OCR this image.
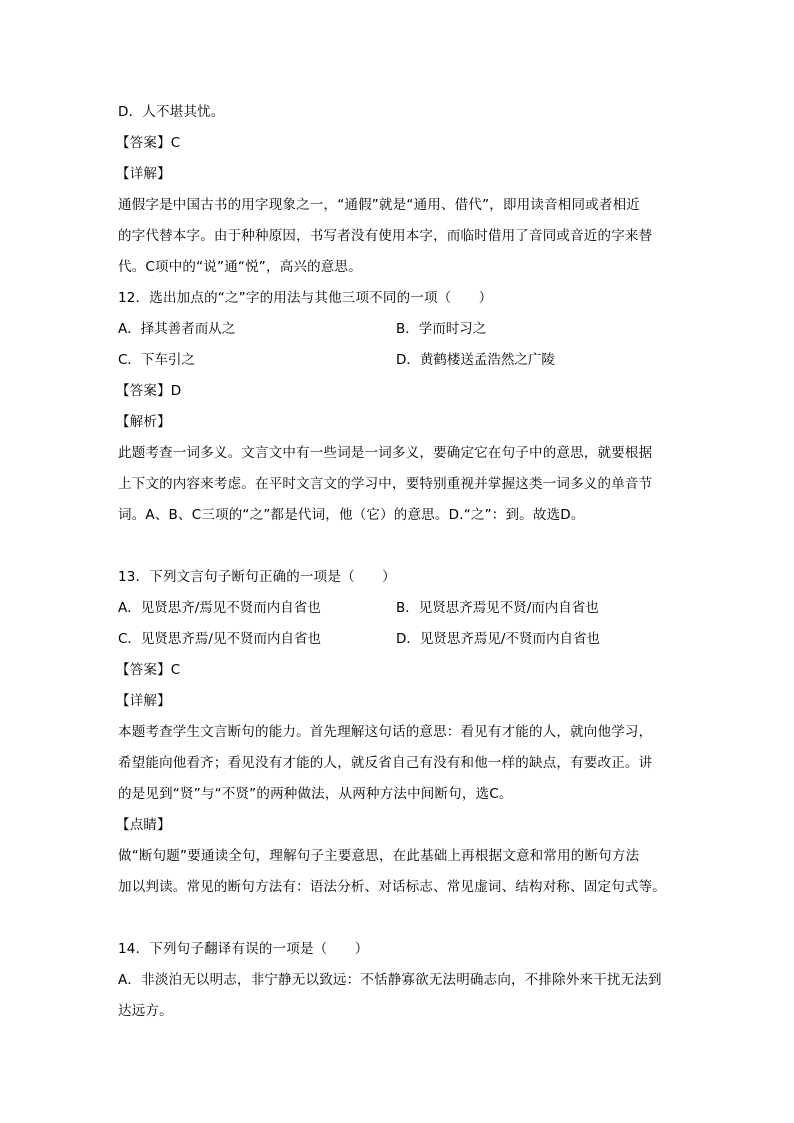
D．人不堪其忧。
【答案】C
【详解】
通假字是中国古书的用字现象之一，“通假”就是“通用、借代”，即用读音相同或者相近
的字代替本字。由于种种原因，书写者没有使用本字，而临时借用了音同或音近的字来替
代。C项中的“说”通“悦”，高兴的意思。
12．选出加点的“之”字的用法与其他三项不同的一项（　　）
A．择其善者而从之	B．学而时习之
C．下车引之	D．黄鹤楼送孟浩然之广陵
【答案】D
【解析】
此题考查一词多义。文言文中有一些词是一词多义，要确定它在句子中的意思，就要根据
上下文的内容来考虑。在平时文言文的学习中，要特别重视并掌握这类一词多义的单音节
词。A、B、C三项的“之”都是代词，他（它）的意思。D.“之”：到。故选D。
13．下列文言句子断句正确的一项是（　　）
A．见贤思齐/焉见不贤而内自省也	B．见贤思齐焉见不贤/而内自省也
C．见贤思齐焉/见不贤而内自省也	D．见贤思齐焉见/不贤而内自省也
【答案】C
【详解】
本题考查学生文言断句的能力。首先理解这句话的意思：看见有才能的人，就向他学习，
希望能向他看齐；看见没有才能的人，就反省自己有没有和他一样的缺点，有要改正。讲
的是见到“贤”与“不贤”的两种做法，从两种方法中间断句，选C。
【点睛】
做“断句题”要通读全句，理解句子主要意思，在此基础上再根据文意和常用的断句方法
加以判读。常见的断句方法有：语法分析、对话标志、常见虚词、结构对称、固定句式等。
14．下列句子翻译有误的一项是（　　）
A．非淡泊无以明志，非宁静无以致远：不恬静寡欲无法明确志向，不排除外来干扰无法到
达远方。
